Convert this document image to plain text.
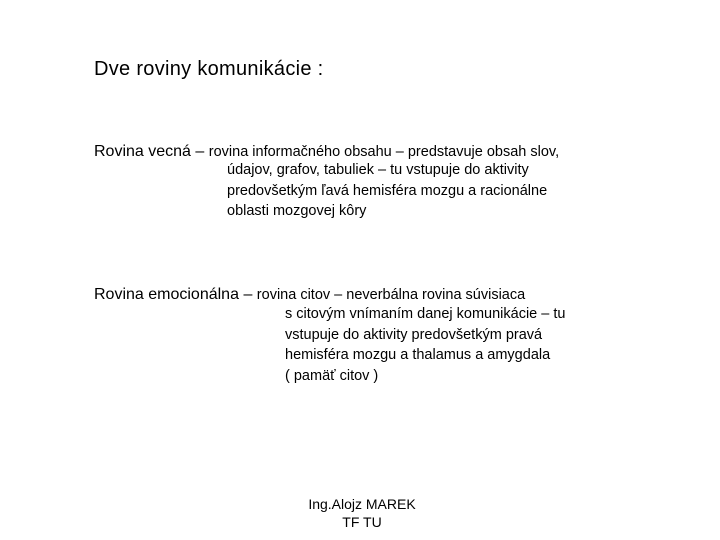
Dve roviny komunikácie :
Rovina vecná – rovina informačného obsahu – predstavuje obsah slov,
údajov, grafov, tabuliek – tu vstupuje do aktivity
predovšetkým ľavá hemisféra mozgu a racionálne
oblasti mozgovej kôry
Rovina emocionálna – rovina citov – neverbálna rovina súvisiaca
s citovým vnímaním danej komunikácie – tu
vstupuje do aktivity predovšetkým pravá
hemisféra mozgu a thalamus a amygdala
( pamäť citov )
Ing.Alojz MAREK
TF TU
